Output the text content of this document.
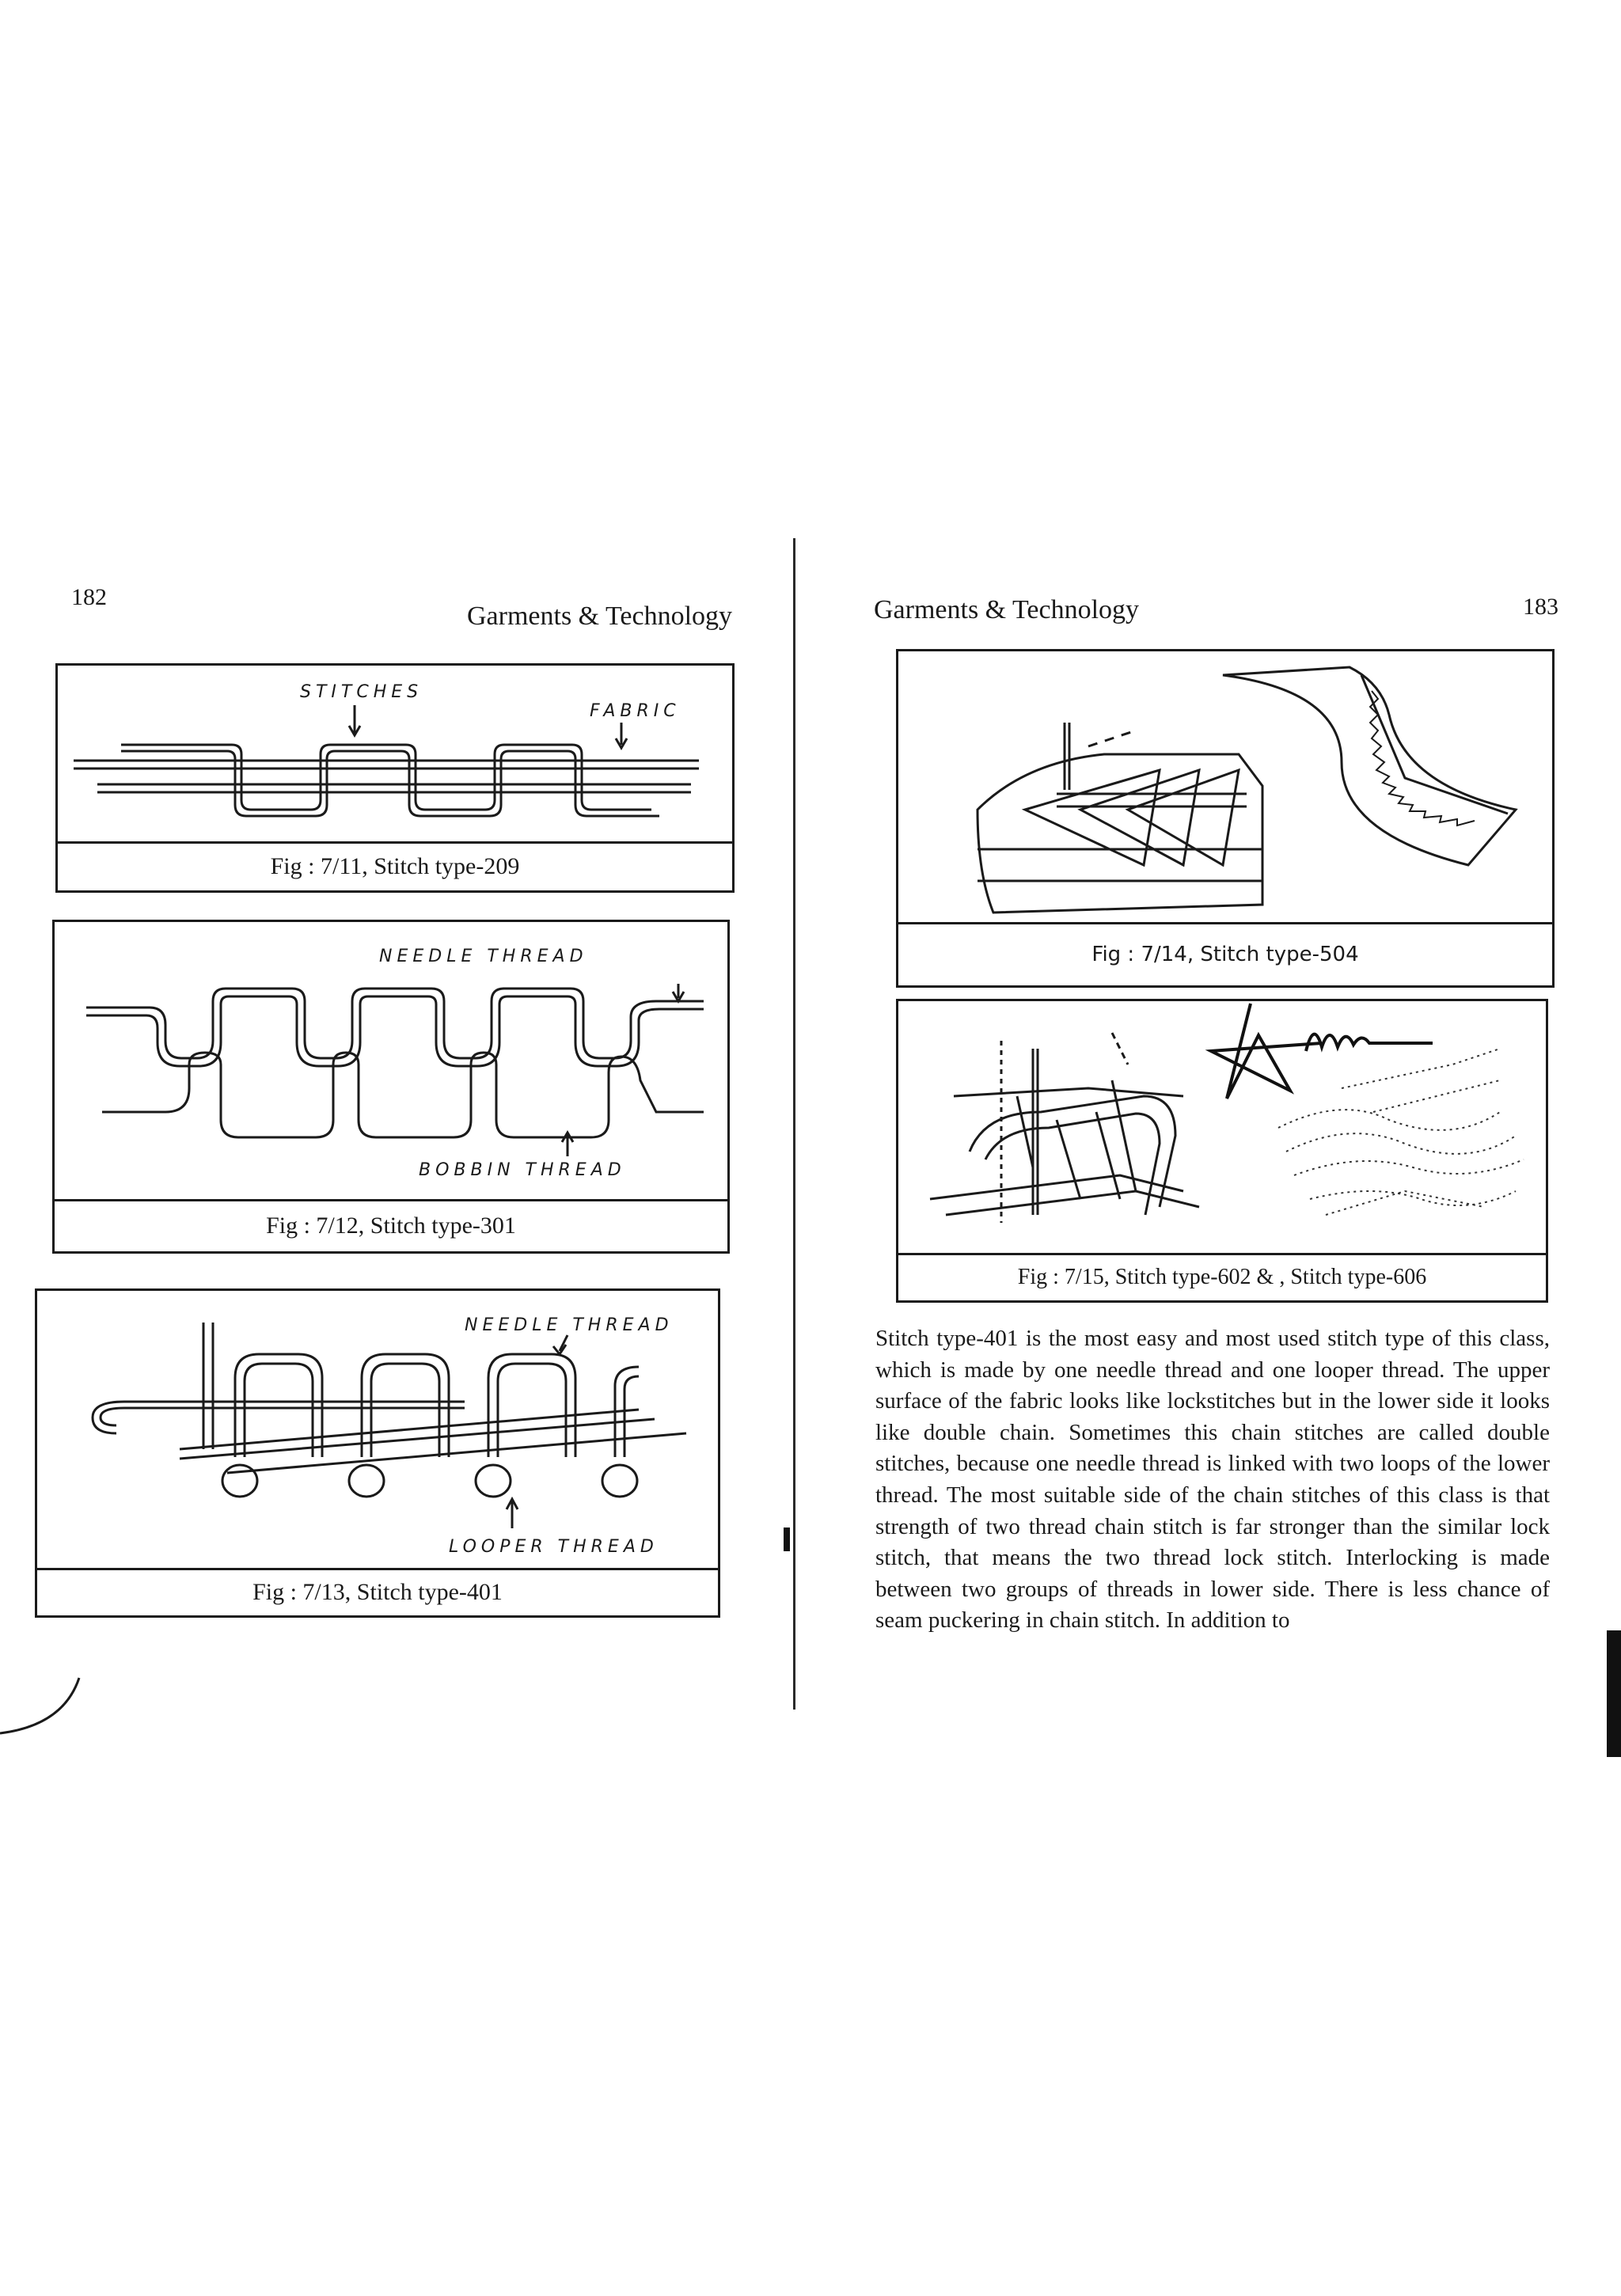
182
Garments & Technology
STITCHES
FABRIC
Fig : 7/11, Stitch type-209
NEEDLE THREAD
BOBBIN THREAD
Fig : 7/12, Stitch type-301
NEEDLE THREAD
LOOPER THREAD
Fig : 7/13, Stitch type-401
Garments & Technology	183
Fig : 7/14, Stitch type-504
Fig : 7/15, Stitch type-602 & , Stitch type-606
Stitch type-401 is the most easy and most used stitch type of this class, which is made by one needle thread and one looper thread. The upper surface of the fabric looks like lockstitches but in the lower side it looks like double chain. Sometimes this chain stitches are called double stitches, because one needle thread is linked with two loops of the lower thread. The most suitable side of the chain stitches of this class is that strength of two thread chain stitch is far stronger than the similar lock stitch, that means the two thread lock stitch. Interlocking is made between two groups of threads in lower side. There is less chance of seam puckering in chain stitch. In addition to
